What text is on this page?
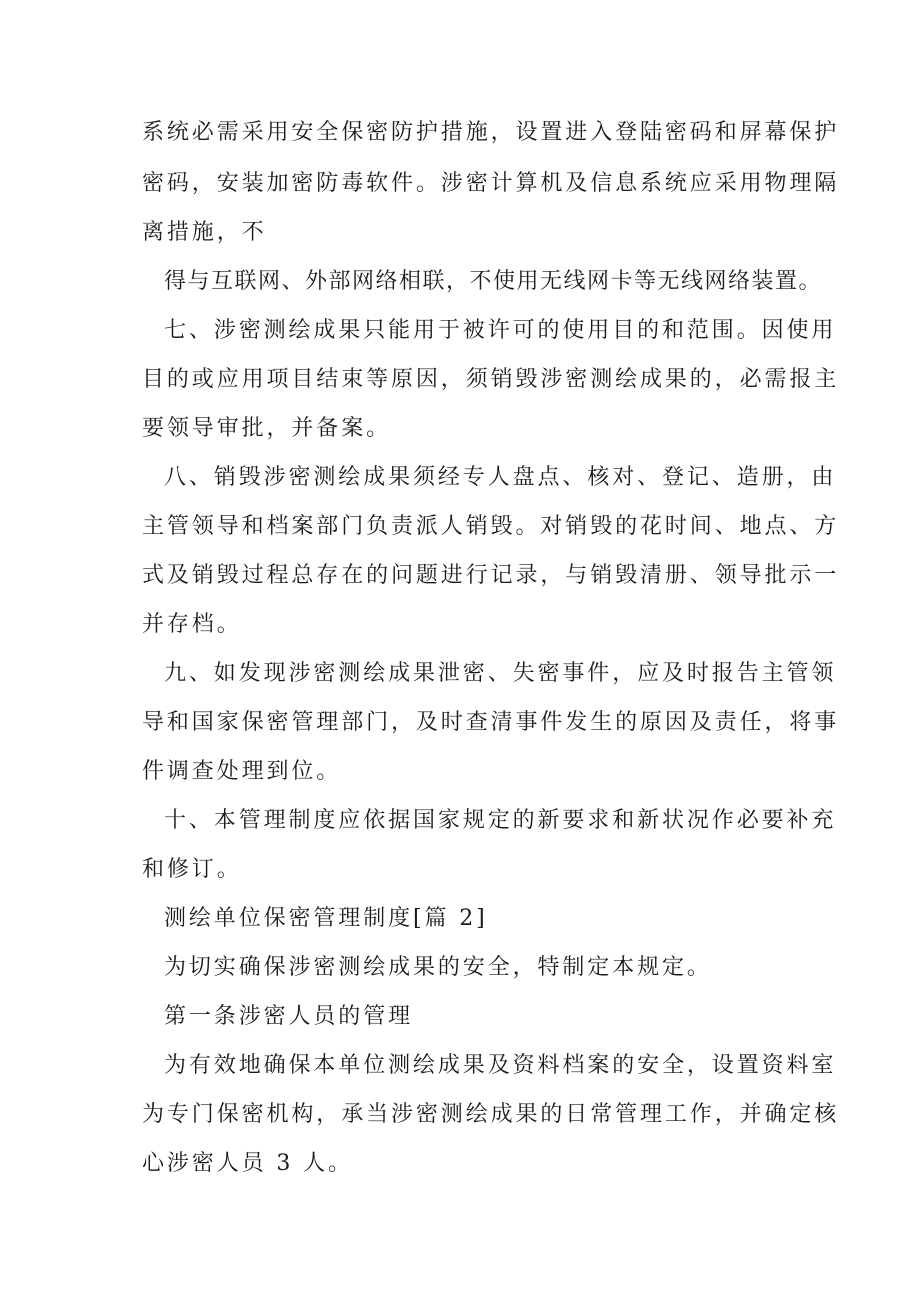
系统必需采用安全保密防护措施，设置进入登陆密码和屏幕保护
密码，安装加密防毒软件。涉密计算机及信息系统应采用物理隔
离措施，不
得与互联网、外部网络相联，不使用无线网卡等无线网络装置。
七、涉密测绘成果只能用于被许可的使用目的和范围。因使用
目的或应用项目结束等原因，须销毁涉密测绘成果的，必需报主
要领导审批，并备案。
八、销毁涉密测绘成果须经专人盘点、核对、登记、造册，由
主管领导和档案部门负责派人销毁。对销毁的花时间、地点、方
式及销毁过程总存在的问题进行记录，与销毁清册、领导批示一
并存档。
九、如发现涉密测绘成果泄密、失密事件，应及时报告主管领
导和国家保密管理部门，及时查清事件发生的原因及责任，将事
件调查处理到位。
十、本管理制度应依据国家规定的新要求和新状况作必要补充
和修订。
测绘单位保密管理制度[篇 2]
为切实确保涉密测绘成果的安全，特制定本规定。
第一条涉密人员的管理
为有效地确保本单位测绘成果及资料档案的安全，设置资料室
为专门保密机构，承当涉密测绘成果的日常管理工作，并确定核
心涉密人员 3 人。
